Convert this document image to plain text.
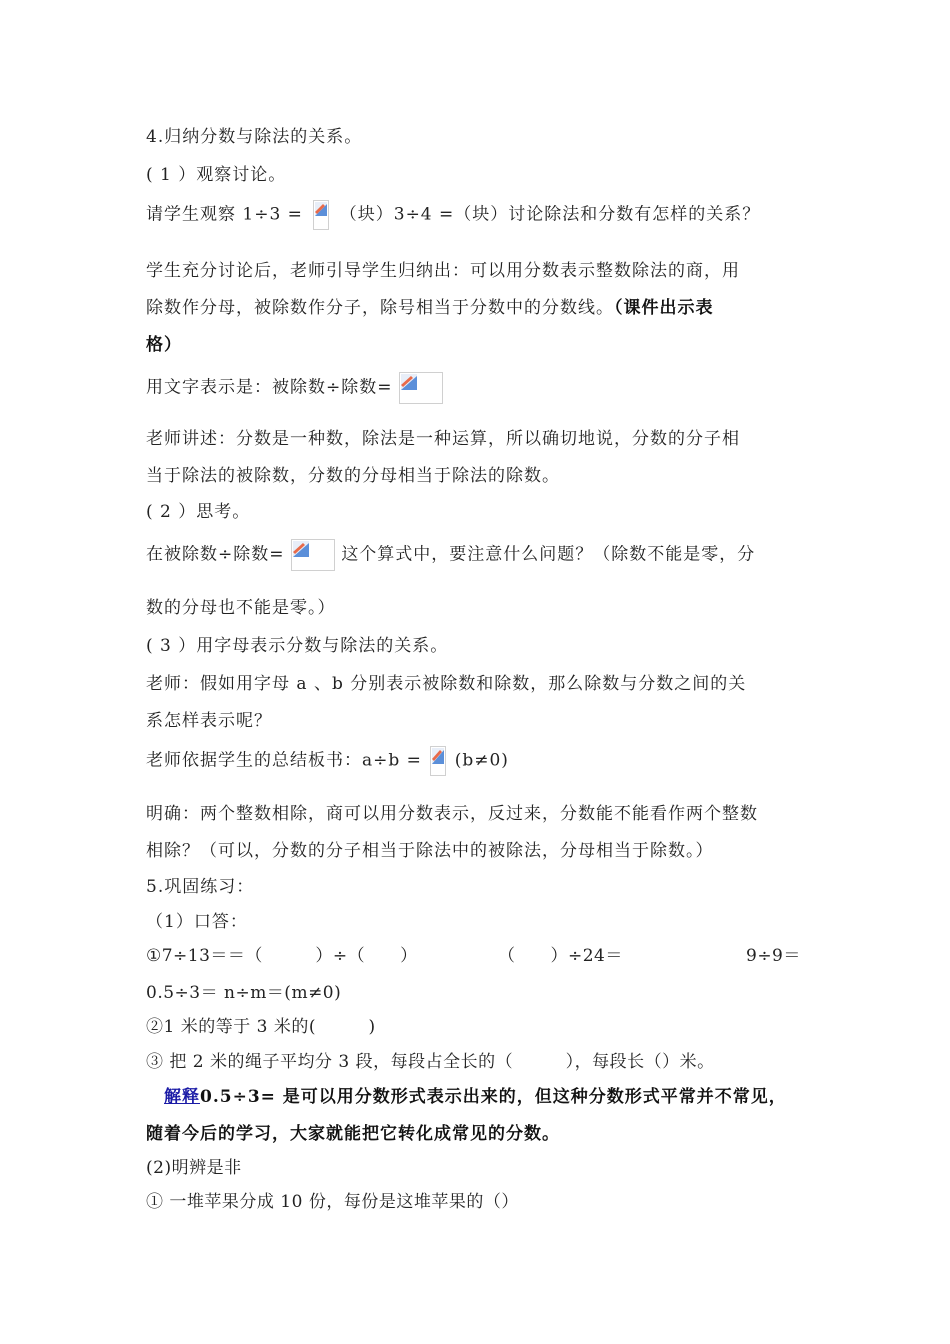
4.归纳分数与除法的关系。
( 1 ）观察讨论。
请学生观察 1÷3 = （块）3÷4 =（块）讨论除法和分数有怎样的关系？
学生充分讨论后，老师引导学生归纳出：可以用分数表示整数除法的商，用
除数作分母，被除数作分子，除号相当于分数中的分数线。（课件出示表
格）
用文字表示是：被除数÷除数=
老师讲述：分数是一种数，除法是一种运算，所以确切地说，分数的分子相
当于除法的被除数，分数的分母相当于除法的除数。
( 2 ）思考。
在被除数÷除数=	这个算式中，要注意什么问题？（除数不能是零，分
数的分母也不能是零。）
( 3 ）用字母表示分数与除法的关系。
老师：假如用字母 a 、b 分别表示被除数和除数，那么除数与分数之间的关
系怎样表示呢？
老师依据学生的总结板书：a÷b = (b≠0)
明确：两个整数相除，商可以用分数表示，反过来，分数能不能看作两个整数
相除？（可以，分数的分子相当于除法中的被除法，分母相当于除数。）
5.巩固练习：
（1）口答：
①7÷13＝＝（　　　）÷（　　）	（　　）÷24＝	9÷9＝
0.5÷3＝ n÷m＝(m≠0)
②1 米的等于 3 米的(　　　)
③ 把 2 米的绳子平均分 3 段，每段占全长的（　　　），每段长（）米。
解释0.5÷3= 是可以用分数形式表示出来的，但这种分数形式平常并不常见，
随着今后的学习，大家就能把它转化成常见的分数。
(2)明辨是非
① 一堆苹果分成 10 份，每份是这堆苹果的（）
